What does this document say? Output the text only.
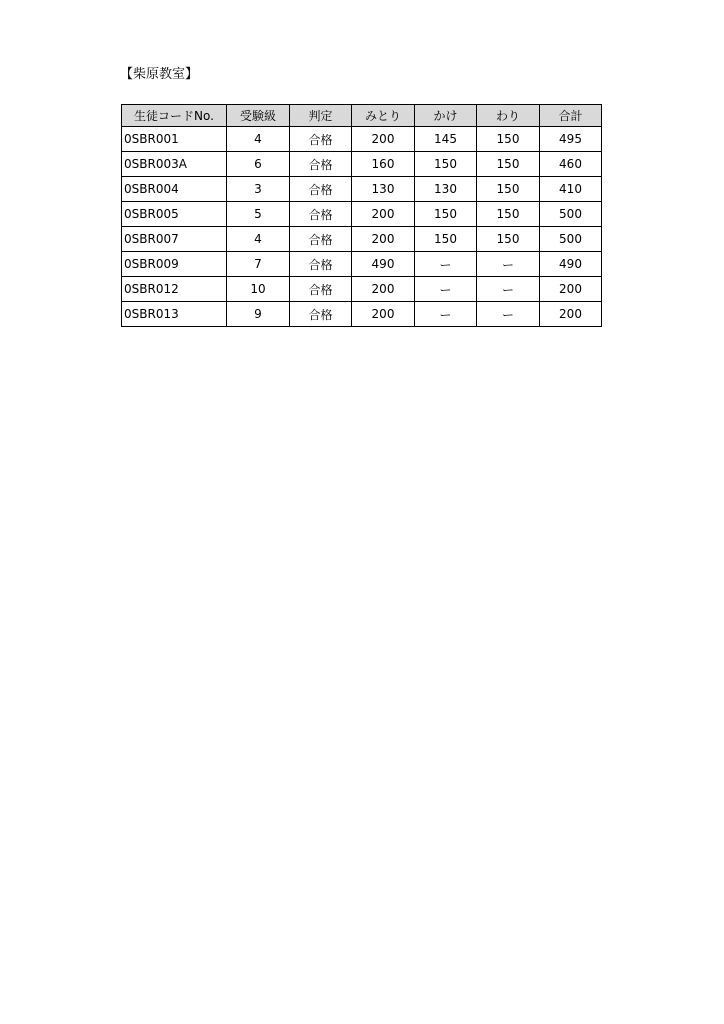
【柴原教室】
生徒コードNo.	受験級	判定	みとり	かけ	わり	合計
0SBR001	4	合格	200	145	150	495
0SBR003A	6	合格	160	150	150	460
0SBR004	3	合格	130	130	150	410
0SBR005	5	合格	200	150	150	500
0SBR007	4	合格	200	150	150	500
0SBR009	7	合格	490	ー	ー	490
0SBR012	10	合格	200	ー	ー	200
0SBR013	9	合格	200	ー	ー	200
